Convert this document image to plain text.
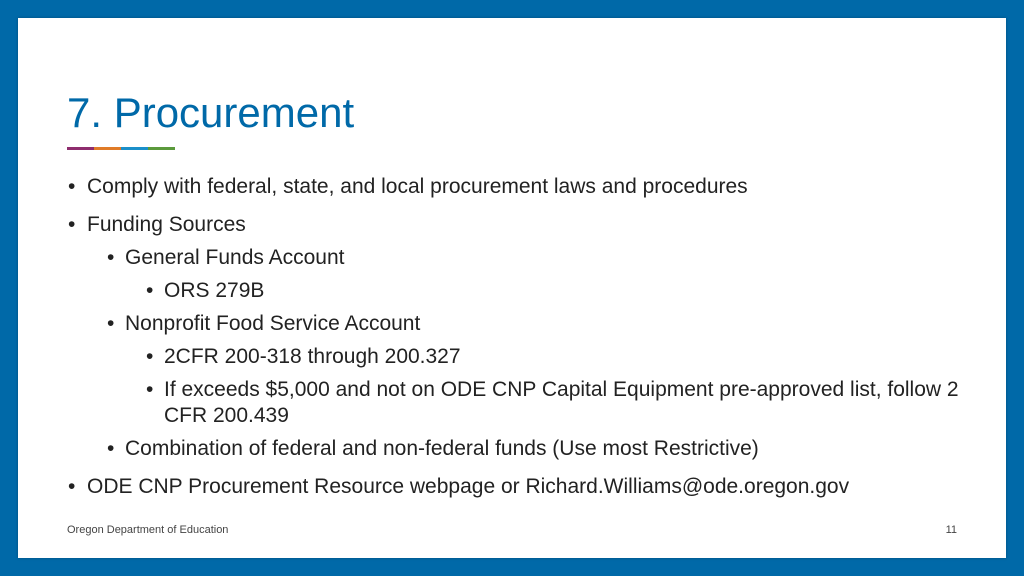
7. Procurement
• Comply with federal, state, and local procurement laws and procedures
• Funding Sources
• General Funds Account
• ORS 279B
• Nonprofit Food Service Account
• 2CFR 200-318 through 200.327
• If exceeds $5,000 and not on ODE CNP Capital Equipment pre-approved list, follow 2 CFR 200.439
• Combination of federal and non-federal funds (Use most Restrictive)
• ODE CNP Procurement Resource webpage or Richard.Williams@ode.oregon.gov
Oregon Department of Education	11
